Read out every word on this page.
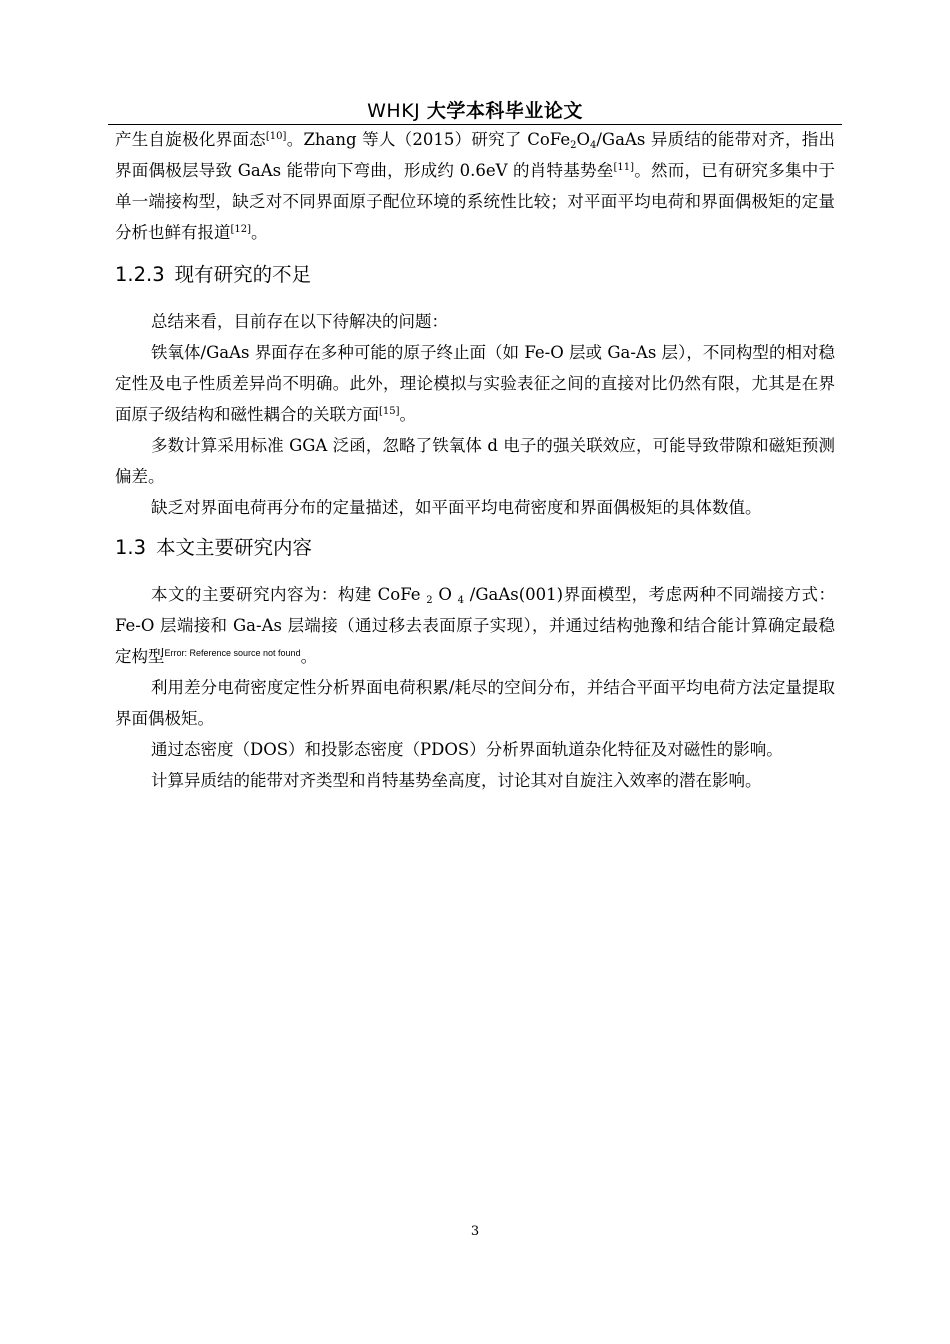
WHKJ 大学本科毕业论文

产生自旋极化界面态[10]。Zhang 等人（2015）研究了 $CoFe_2O_4$/GaAs 异质结的能带对齐，指出界面偶极层导致 GaAs 能带向下弯曲，形成约 0.6eV 的肖特基势垒[11]。然而，已有研究多集中于单一端接构型，缺乏对不同界面原子配位环境的系统性比较；对平面平均电荷和界面偶极矩的定量分析也鲜有报道[12]。

1.2.3 现有研究的不足

总结来看，目前存在以下待解决的问题：

铁氧体/GaAs 界面存在多种可能的原子终止面（如 Fe-O 层或 Ga-As 层），不同构型的相对稳定性及电子性质差异尚不明确。此外，理论模拟与实验表征之间的直接对比仍然有限，尤其是在界面原子级结构和磁性耦合的关联方面[15]。

多数计算采用标准 GGA 泛函，忽略了铁氧体 d 电子的强关联效应，可能导致带隙和磁矩预测偏差。

缺乏对界面电荷再分布的定量描述，如平面平均电荷密度和界面偶极矩的具体数值。

1.3 本文主要研究内容

本文的主要研究内容为：构建 CoFe $_2$ O $_4$ /GaAs(001)界面模型，考虑两种不同端接方式：Fe-O 层端接和 Ga-As 层端接（通过移去表面原子实现），并通过结构弛豫和结合能计算确定最稳定构型$^{Error: Reference source not found}$。

利用差分电荷密度定性分析界面电荷积累/耗尽的空间分布，并结合平面平均电荷方法定量提取界面偶极矩。

通过态密度（DOS）和投影态密度（PDOS）分析界面轨道杂化特征及对磁性的影响。

计算异质结的能带对齐类型和肖特基势垒高度，讨论其对自旋注入效率的潜在影响。

3
